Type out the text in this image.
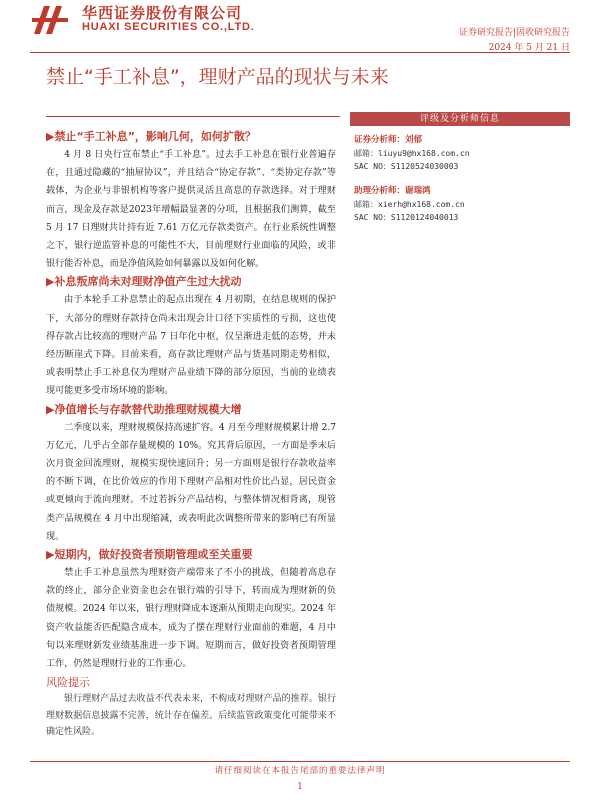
华西证券股份有限公司
HUAXI SECURITIES CO.,LTD.	证券研究报告|固收研究报告
2024 年 5 月 21 日
禁止“手工补息”，理财产品的现状与未来
▶禁止“手工补息”，影响几何，如何扩散？

4 月 8 日央行宣布禁止“手工补息”。过去手工补息在银行业普遍存在，且通过隐藏的“抽屉协议”，并且结合“协定存款”、“类协定存款”等载体，为企业与非银机构等客户提供灵活且高息的存款选择。对于理财而言，现金及存款是2023年增幅最显著的分项，且根据我们测算，截至 5 月 17 日理财共计持有近 7.61 万亿元存款类资产。在行业系统性调整之下，银行逆监管补息的可能性不大，目前理财行业面临的风险，或非银行能否补息，而是净值风险如何暴露以及如何化解。

▶补息叛席尚未对理财净值产生过大扰动

由于本轮手工补息禁止的起点出现在 4 月初期，在结息规则的保护下，大部分的理财存款持仓尚未出现会计口径下实质性的亏损，这也使得存款占比较高的理财产品 7 日年化中枢，仅呈渐进走低的态势，并未经历断崖式下降。目前来看，高存款比理财产品与货基同期走势相似，或表明禁止手工补息仅为理财产品业绩下降的部分原因，当前的业绩表现可能更多受市场环境的影响。

▶净值增长与存款替代助推理财规模大增

二季度以来，理财规模保持高速扩容。4 月至今理财规模累计增 2.7 万亿元，几乎占全部存量规模的 10%。究其背后原因，一方面是季末后次月资金回流理财，规模实现快速回升；另一方面则是银行存款收益率的不断下调，在比价效应的作用下理财产品相对性价比凸显，居民资金或更倾向于流向理财。不过若拆分产品结构，与整体情况相背离，现管类产品规模在 4 月中出现缩减，或表明此次调整所带来的影响已有所显现。

▶短期内，做好投资者预期管理或至关重要

禁止手工补息虽然为理财资产端带来了不小的挑战，但随着高息存款的终止，部分企业资金也会在银行端的引导下，转而成为理财新的负债规模。2024 年以来，银行理财降成本逐渐从预期走向现实。2024 年资产收益能否匹配隐含成本，成为了摆在理财行业面前的难题，4 月中旬以来理财新发业绩基准进一步下调。短期而言，做好投资者预期管理工作，仍然是理财行业的工作重心。

风险提示

银行理财产品过去收益不代表未来，不构成对理财产品的推荐。银行理财数据信息披露不完善，统计存在偏差。后续监管政策变化可能带来不确定性风险。

评级及分析师信息
证券分析师：刘郁
邮箱：liuyu9@hx168.com.cn
SAC NO：S1120524030003
助理分析师：谢瑞鸿
邮箱：xierh@hx168.com.cn
SAC NO：S1120124040013
请仔细阅读在本报告尾部的重要法律声明
1
